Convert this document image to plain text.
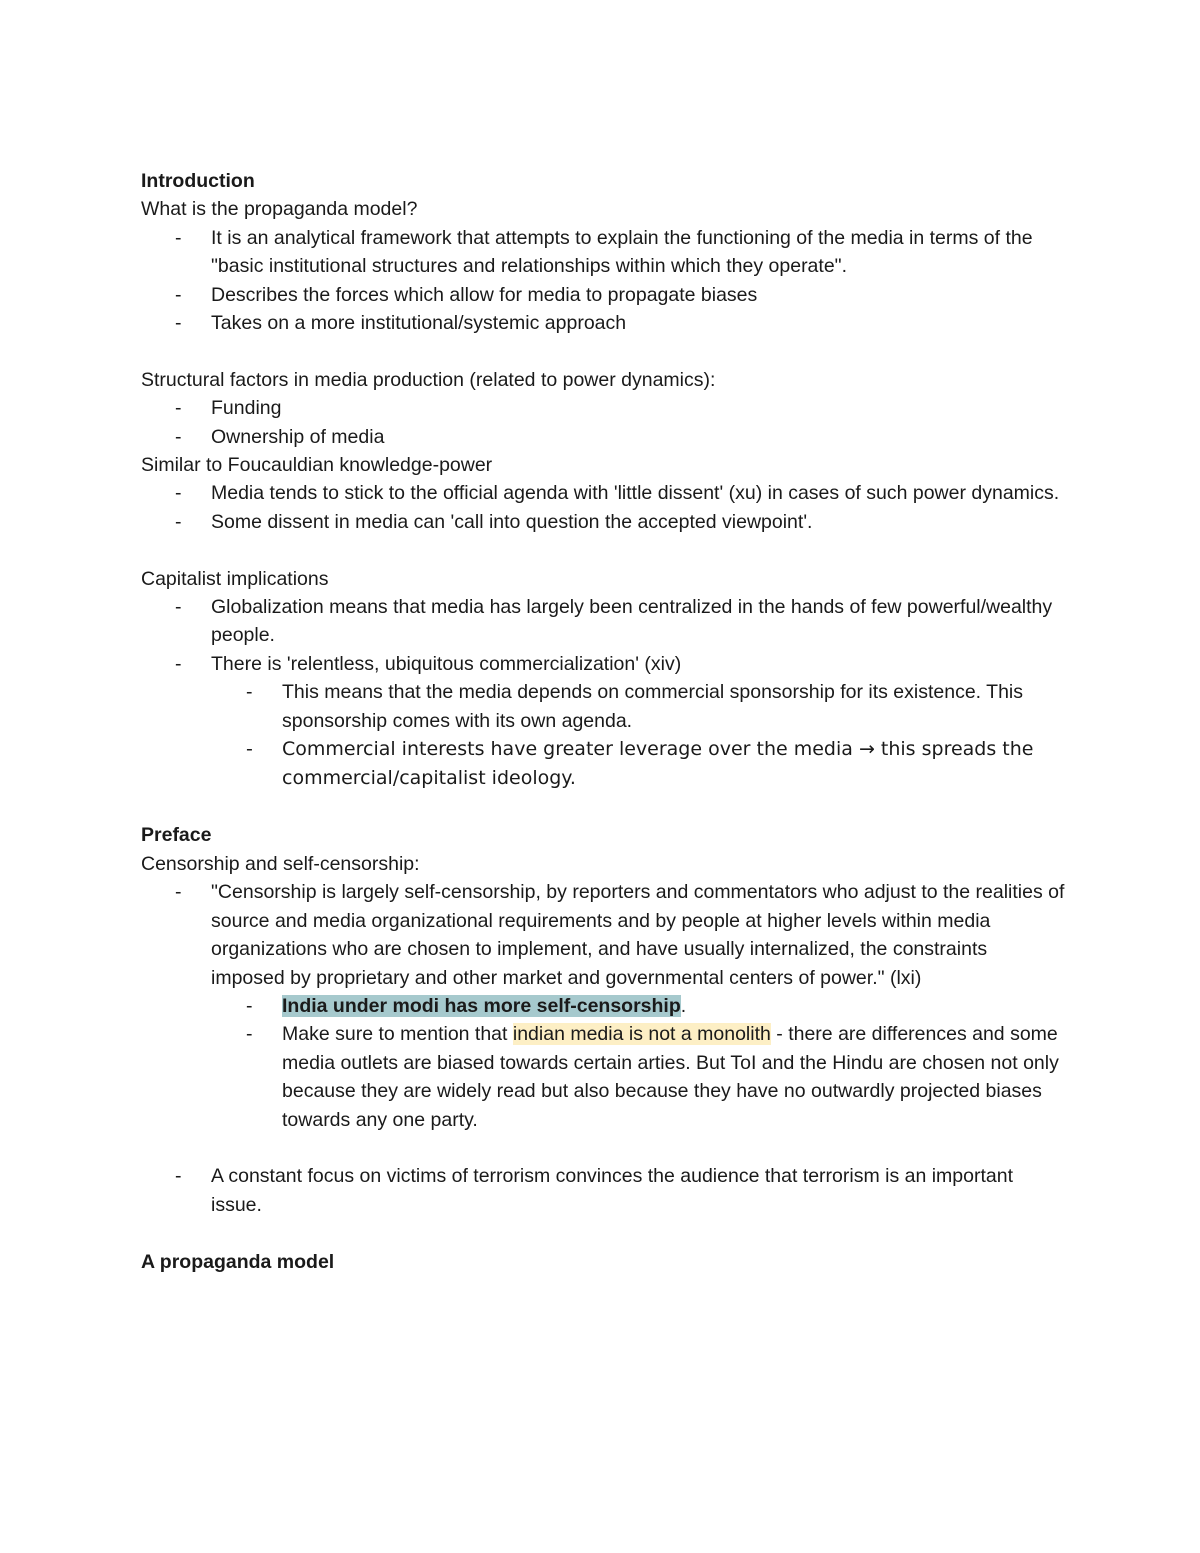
Introduction

What is the propaganda model?

- It is an analytical framework that attempts to explain the functioning of the media in terms of the "basic institutional structures and relationships within which they operate".
- Describes the forces which allow for media to propagate biases
- Takes on a more institutional/systemic approach

Structural factors in media production (related to power dynamics):

- Funding
- Ownership of media

Similar to Foucauldian knowledge-power

- Media tends to stick to the official agenda with 'little dissent' (xu) in cases of such power dynamics.
- Some dissent in media can 'call into question the accepted viewpoint'.

Capitalist implications

- Globalization means that media has largely been centralized in the hands of few powerful/wealthy people.
- There is 'relentless, ubiquitous commercialization' (xiv)
- This means that the media depends on commercial sponsorship for its existence. This sponsorship comes with its own agenda.
- Commercial interests have greater leverage over the media → this spreads the commercial/capitalist ideology.

Preface

Censorship and self-censorship:

- "Censorship is largely self-censorship, by reporters and commentators who adjust to the realities of source and media organizational requirements and by people at higher levels within media organizations who are chosen to implement, and have usually internalized, the constraints imposed by proprietary and other market and governmental centers of power." (lxi)
- India under modi has more self-censorship.
- Make sure to mention that indian media is not a monolith - there are differences and some media outlets are biased towards certain arties. But ToI and the Hindu are chosen not only because they are widely read but also because they have no outwardly projected biases towards any one party.
- A constant focus on victims of terrorism convinces the audience that terrorism is an important issue.

A propaganda model
